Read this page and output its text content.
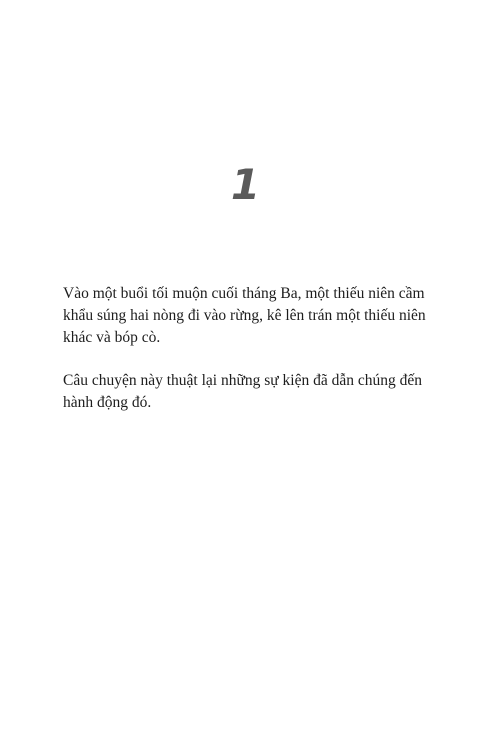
1

Vào một buổi tối muộn cuối tháng Ba, một thiếu niên cầm khẩu súng hai nòng đi vào rừng, kê lên trán một thiếu niên khác và bóp cò.

Câu chuyện này thuật lại những sự kiện đã dẫn chúng đến hành động đó.
